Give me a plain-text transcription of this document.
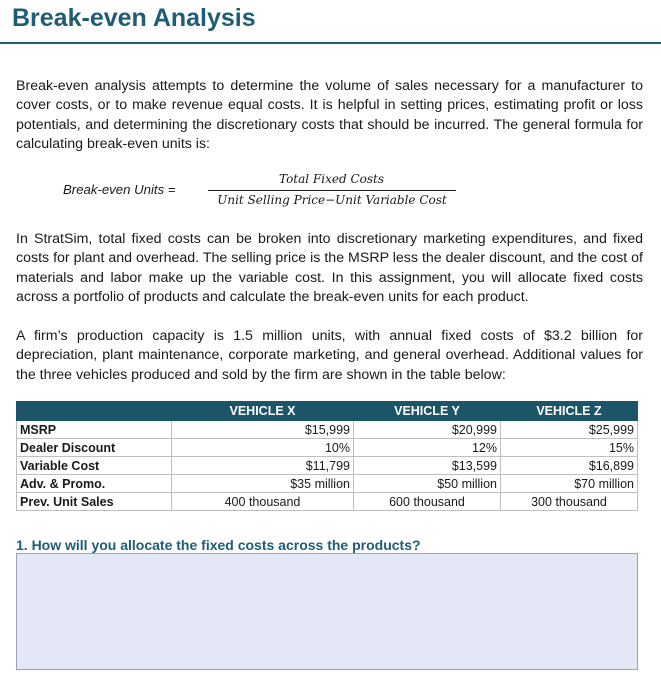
Break-even Analysis
Break-even analysis attempts to determine the volume of sales necessary for a manufacturer to cover costs, or to make revenue equal costs. It is helpful in setting prices, estimating profit or loss potentials, and determining the discretionary costs that should be incurred. The general formula for calculating break-even units is:
Break-even Units =
Total Fixed Costs
Unit Selling Price−Unit Variable Cost
In StratSim, total fixed costs can be broken into discretionary marketing expenditures, and fixed costs for plant and overhead. The selling price is the MSRP less the dealer discount, and the cost of materials and labor make up the variable cost. In this assignment, you will allocate fixed costs across a portfolio of products and calculate the break-even units for each product.
A firm’s production capacity is 1.5 million units, with annual fixed costs of $3.2 billion for depreciation, plant maintenance, corporate marketing, and general overhead. Additional values for the three vehicles produced and sold by the firm are shown in the table below:
	VEHICLE X	VEHICLE Y	VEHICLE Z
MSRP	$15,999	$20,999	$25,999
Dealer Discount	10%	12%	15%
Variable Cost	$11,799	$13,599	$16,899
Adv. & Promo.	$35 million	$50 million	$70 million
Prev. Unit Sales	400 thousand	600 thousand	300 thousand
1. How will you allocate the fixed costs across the products?
